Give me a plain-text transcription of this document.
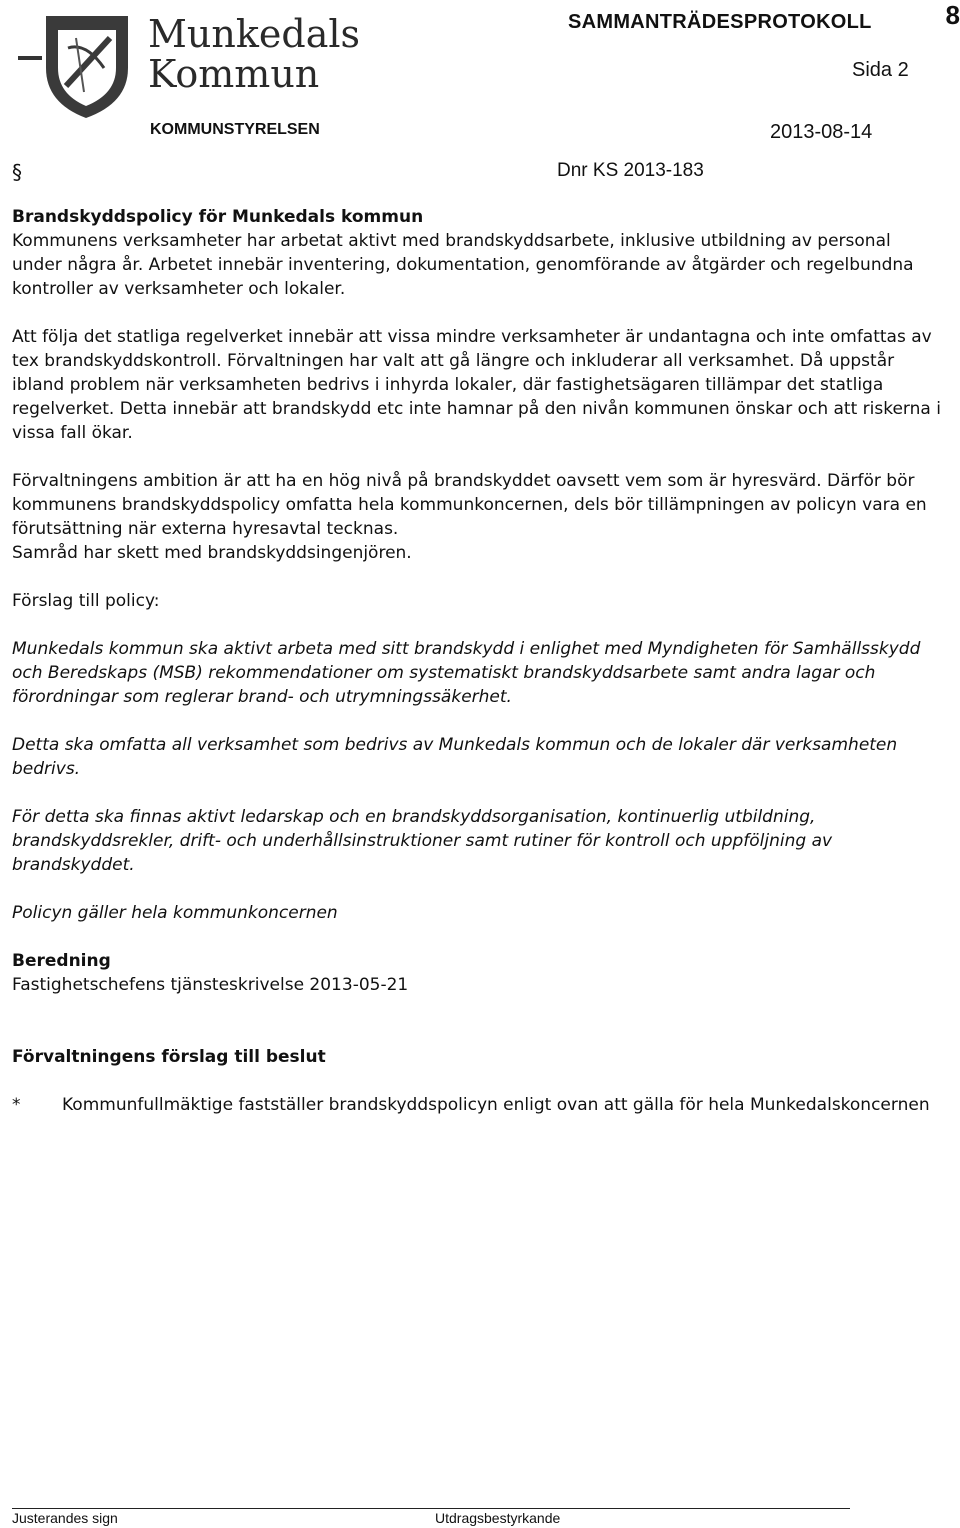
Munkedals
Kommun
8
SAMMANTRÄDESPROTOKOLL
Sida 2
KOMMUNSTYRELSEN	2013-08-14
§	Dnr KS 2013-183

Brandskyddspolicy för Munkedals kommun

Kommunens verksamheter har arbetat aktivt med brandskyddsarbete, inklusive utbildning av personal under några år. Arbetet innebär inventering, dokumentation, genomförande av åtgärder och regelbundna kontroller av verksamheter och lokaler.

Att följa det statliga regelverket innebär att vissa mindre verksamheter är undantagna och inte omfattas av tex brandskyddskontroll. Förvaltningen har valt att gå längre och inkluderar all verksamhet. Då uppstår ibland problem när verksamheten bedrivs i inhyrda lokaler, där fastighetsägaren tillämpar det statliga regelverket. Detta innebär att brandskydd etc inte hamnar på den nivån kommunen önskar och att riskerna i vissa fall ökar.

Förvaltningens ambition är att ha en hög nivå på brandskyddet oavsett vem som är hyresvärd. Därför bör kommunens brandskyddspolicy omfatta hela kommunkoncernen, dels bör tillämpningen av policyn vara en förutsättning när externa hyresavtal tecknas.

Samråd har skett med brandskyddsingenjören.

Förslag till policy:

Munkedals kommun ska aktivt arbeta med sitt brandskydd i enlighet med Myndigheten för Samhällsskydd och Beredskaps (MSB) rekommendationer om systematiskt brandskyddsarbete samt andra lagar och förordningar som reglerar brand- och utrymningssäkerhet.

Detta ska omfatta all verksamhet som bedrivs av Munkedals kommun och de lokaler där verksamheten bedrivs.

För detta ska finnas aktivt ledarskap och en brandskyddsorganisation, kontinuerlig utbildning, brandskyddsrekler, drift- och underhållsinstruktioner samt rutiner för kontroll och uppföljning av brandskyddet.

Policyn gäller hela kommunkoncernen

Beredning

Fastighetschefens tjänsteskrivelse 2013-05-21

Förvaltningens förslag till beslut

* Kommunfullmäktige fastställer brandskyddspolicyn enligt ovan att gälla för hela Munkedalskoncernen
Justerandes sign	Utdragsbestyrkande
